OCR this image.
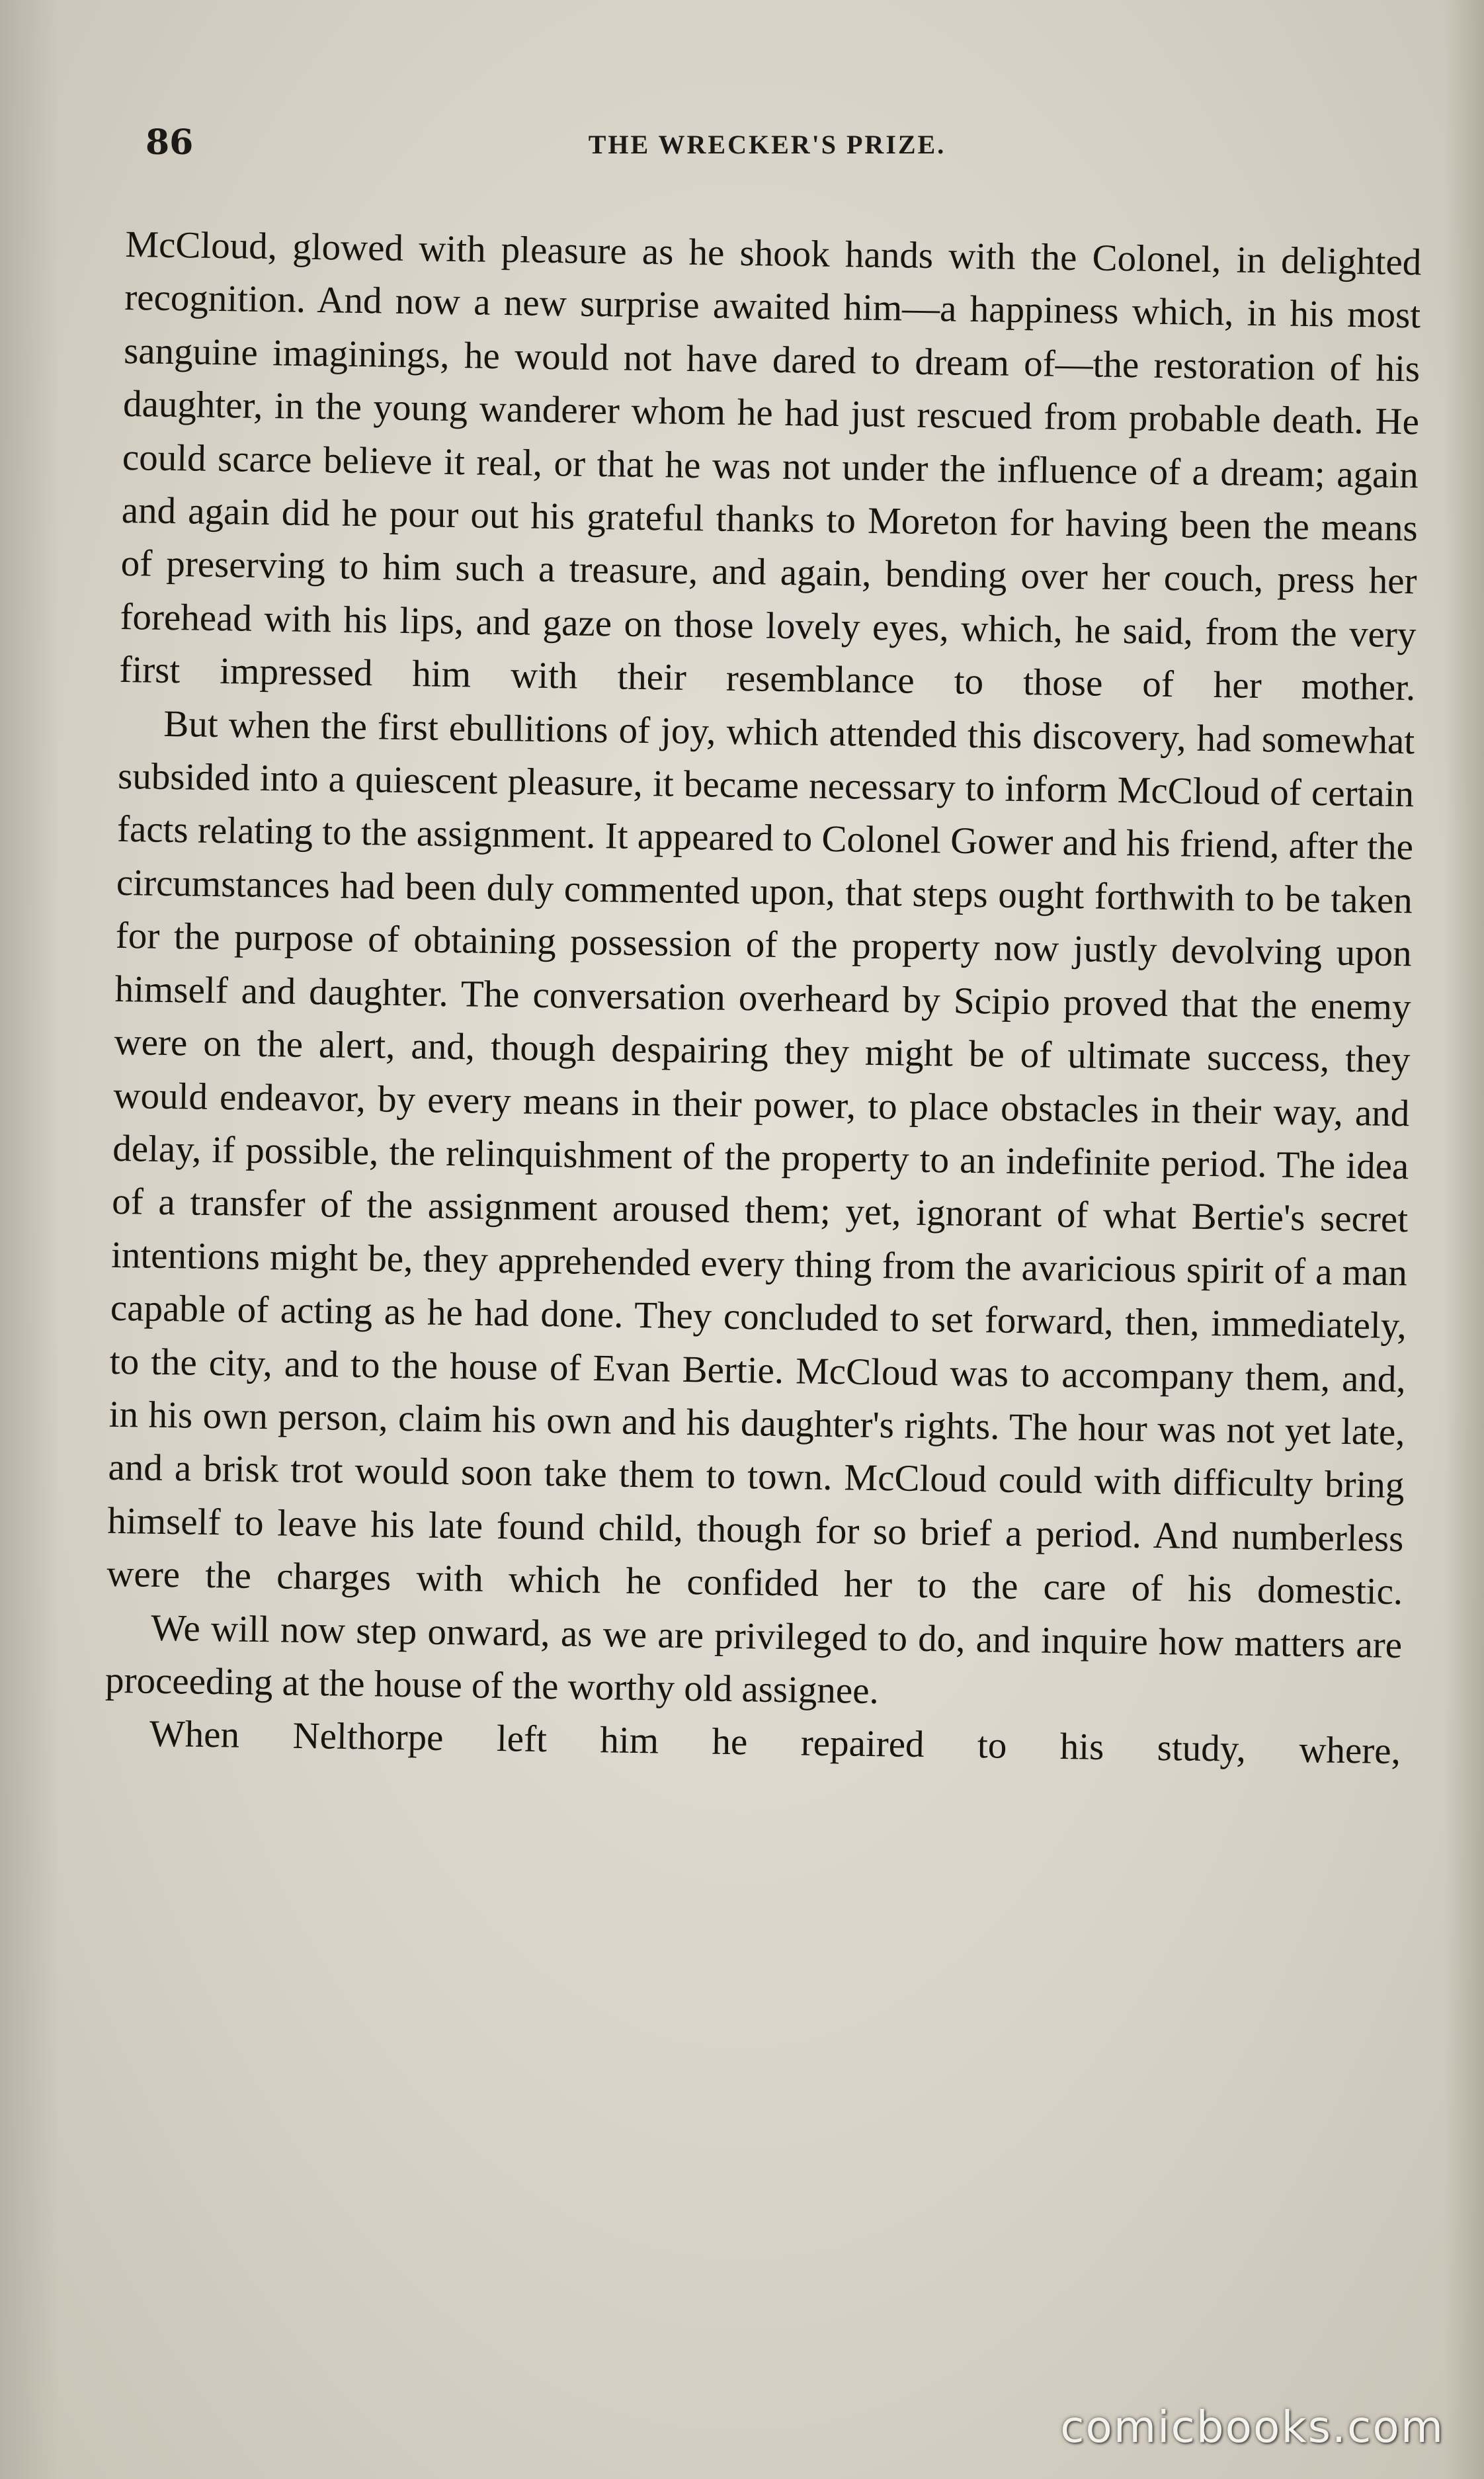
86	THE WRECKER'S PRIZE.

McCloud, glowed with pleasure as he shook hands with the Colonel, in delighted recognition. And now a new surprise awaited him—a happiness which, in his most sanguine imaginings, he would not have dared to dream of—the restoration of his daughter, in the young wanderer whom he had just rescued from probable death. He could scarce believe it real, or that he was not under the influence of a dream; again and again did he pour out his grateful thanks to Moreton for having been the means of preserving to him such a treasure, and again, bending over her couch, press her forehead with his lips, and gaze on those lovely eyes, which, he said, from the very first impressed him with their resemblance to those of her mother.

But when the first ebullitions of joy, which attended this discovery, had somewhat subsided into a quiescent pleasure, it became necessary to inform McCloud of certain facts relating to the assignment. It appeared to Colonel Gower and his friend, after the circumstances had been duly commented upon, that steps ought forthwith to be taken for the purpose of obtaining possession of the property now justly devolving upon himself and daughter. The conversation overheard by Scipio proved that the enemy were on the alert, and, though despairing they might be of ultimate success, they would endeavor, by every means in their power, to place obstacles in their way, and delay, if possible, the relinquishment of the property to an indefinite period. The idea of a transfer of the assignment aroused them; yet, ignorant of what Bertie's secret intentions might be, they apprehended every thing from the avaricious spirit of a man capable of acting as he had done. They concluded to set forward, then, immediately, to the city, and to the house of Evan Bertie. McCloud was to accompany them, and, in his own person, claim his own and his daughter's rights. The hour was not yet late, and a brisk trot would soon take them to town. McCloud could with difficulty bring himself to leave his late found child, though for so brief a period. And numberless were the charges with which he confided her to the care of his domestic.

We will now step onward, as we are privileged to do, and inquire how matters are proceeding at the house of the worthy old assignee.

When Nelthorpe left him he repaired to his study, where,

comicbooks.com
